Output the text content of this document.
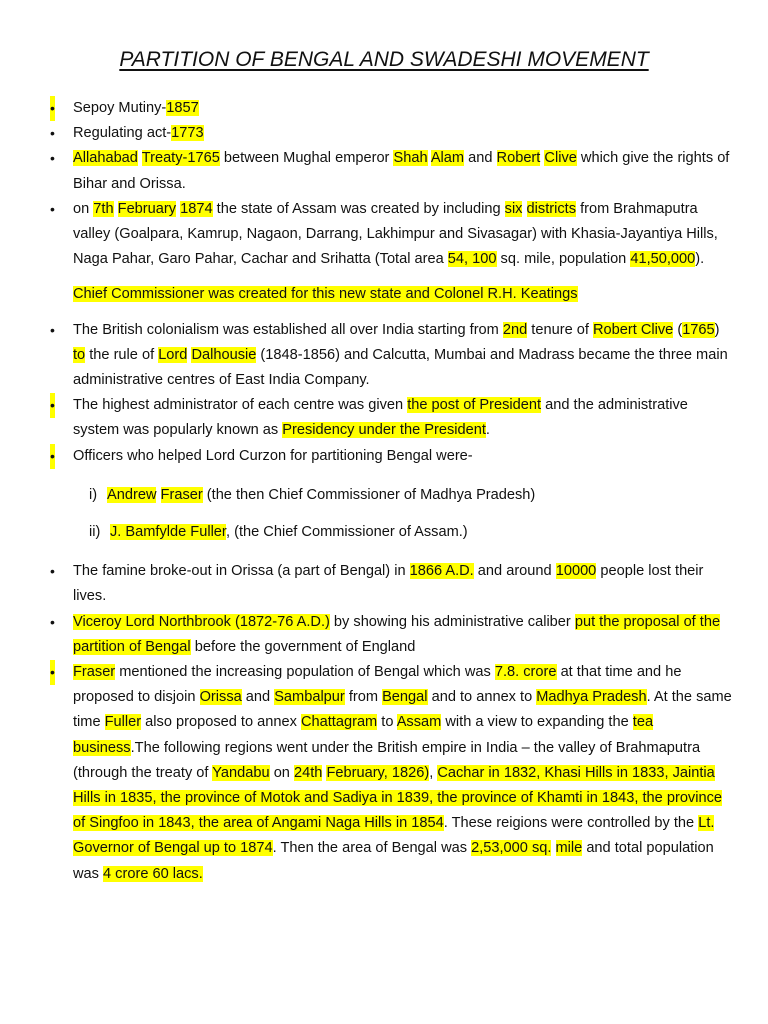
PARTITION OF BENGAL AND SWADESHI MOVEMENT
• Sepoy Mutiny-1857
• Regulating act-1773
• Allahabad Treaty-1765 between Mughal emperor Shah Alam and Robert Clive which give the rights of Bihar and Orissa.
• on 7th February 1874 the state of Assam was created by including six districts from Brahmaputra valley (Goalpara, Kamrup, Nagaon, Darrang, Lakhimpur and Sivasagar) with Khasia-Jayantiya Hills, Naga Pahar, Garo Pahar, Cachar and Srihatta (Total area 54, 100 sq. mile, population 41,50,000).
Chief Commissioner was created for this new state and Colonel R.H. Keatings
• The British colonialism was established all over India starting from 2nd tenure of Robert Clive (1765) to the rule of Lord Dalhousie (1848-1856) and Calcutta, Mumbai and Madrass became the three main administrative centres of East India Company.
• The highest administrator of each centre was given the post of President and the administrative system was popularly known as Presidency under the President.
• Officers who helped Lord Curzon for partitioning Bengal were-
i) Andrew Fraser (the then Chief Commissioner of Madhya Pradesh)
ii) J. Bamfylde Fuller, (the Chief Commissioner of Assam.)
• The famine broke-out in Orissa (a part of Bengal) in 1866 A.D. and around 10000 people lost their lives.
• Viceroy Lord Northbrook (1872-76 A.D.) by showing his administrative caliber put the proposal of the partition of Bengal before the government of England
• Fraser mentioned the increasing population of Bengal which was 7.8. crore at that time and he proposed to disjoin Orissa and Sambalpur from Bengal and to annex to Madhya Pradesh. At the same time Fuller also proposed to annex Chattagram to Assam with a view to expanding the tea business.The following regions went under the British empire in India – the valley of Brahmaputra (through the treaty of Yandabu on 24th February, 1826), Cachar in 1832, Khasi Hills in 1833, Jaintia Hills in 1835, the province of Motok and Sadiya in 1839, the province of Khamti in 1843, the province of Singfoo in 1843, the area of Angami Naga Hills in 1854. These reigions were controlled by the Lt. Governor of Bengal up to 1874. Then the area of Bengal was 2,53,000 sq. mile and total population was 4 crore 60 lacs.
